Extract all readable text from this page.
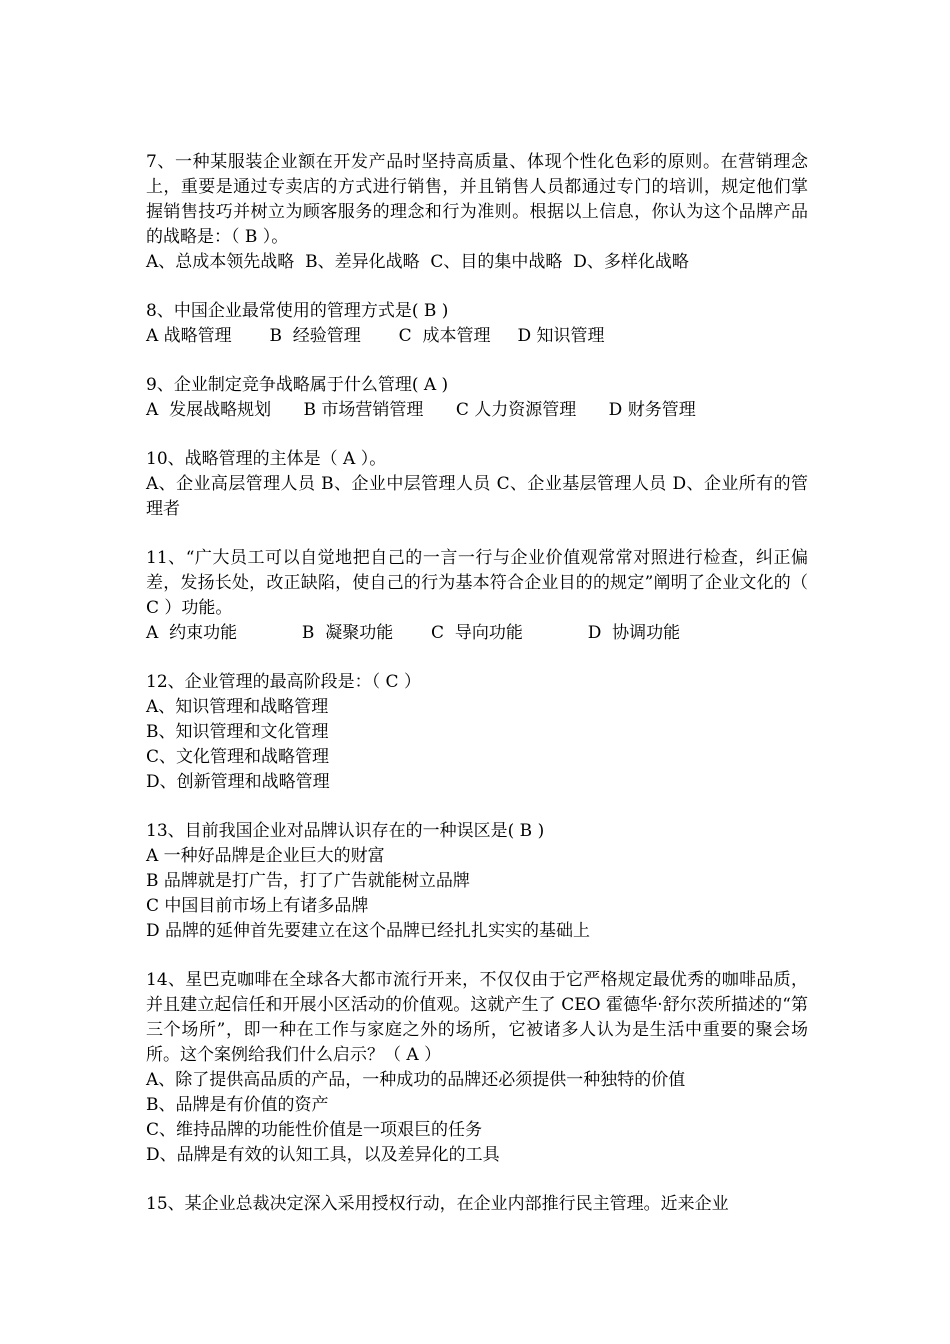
7、一种某服装企业额在开发产品时坚持高质量、体现个性化色彩的原则。在营销理念上，重要是通过专卖店的方式进行销售，并且销售人员都通过专门的培训，规定他们掌握销售技巧并树立为顾客服务的理念和行为准则。根据以上信息，你认为这个品牌产品的战略是：（ B ）。
A、总成本领先战略  B、差异化战略  C、目的集中战略  D、多样化战略
8、中国企业最常使用的管理方式是( B )
A 战略管理       B  经验管理       C  成本管理     D 知识管理
9、企业制定竞争战略属于什么管理( A )
A  发展战略规划      B 市场营销管理      C 人力资源管理      D 财务管理
10、战略管理的主体是（ A ）。
A、企业高层管理人员 B、企业中层管理人员 C、企业基层管理人员 D、企业所有的管理者
11、“广大员工可以自觉地把自己的一言一行与企业价值观常常对照进行检查，纠正偏差，发扬长处，改正缺陷，使自己的行为基本符合企业目的的规定”阐明了企业文化的（ C ）功能。
A  约束功能            B  凝聚功能       C  导向功能            D  协调功能
12、企业管理的最高阶段是：（ C ）
A、知识管理和战略管理
B、知识管理和文化管理
C、文化管理和战略管理
D、创新管理和战略管理
13、目前我国企业对品牌认识存在的一种误区是( B )
A 一种好品牌是企业巨大的财富
B 品牌就是打广告，打了广告就能树立品牌
C 中国目前市场上有诸多品牌
D 品牌的延伸首先要建立在这个品牌已经扎扎实实的基础上
14、星巴克咖啡在全球各大都市流行开来，不仅仅由于它严格规定最优秀的咖啡品质，并且建立起信任和开展小区活动的价值观。这就产生了 CEO 霍德华·舒尔茨所描述的“第三个场所”，即一种在工作与家庭之外的场所，它被诸多人认为是生活中重要的聚会场所。这个案例给我们什么启示？（ A ）
A、除了提供高品质的产品，一种成功的品牌还必须提供一种独特的价值
B、品牌是有价值的资产
C、维持品牌的功能性价值是一项艰巨的任务
D、品牌是有效的认知工具，以及差异化的工具
15、某企业总裁决定深入采用授权行动，在企业内部推行民主管理。近来企业
